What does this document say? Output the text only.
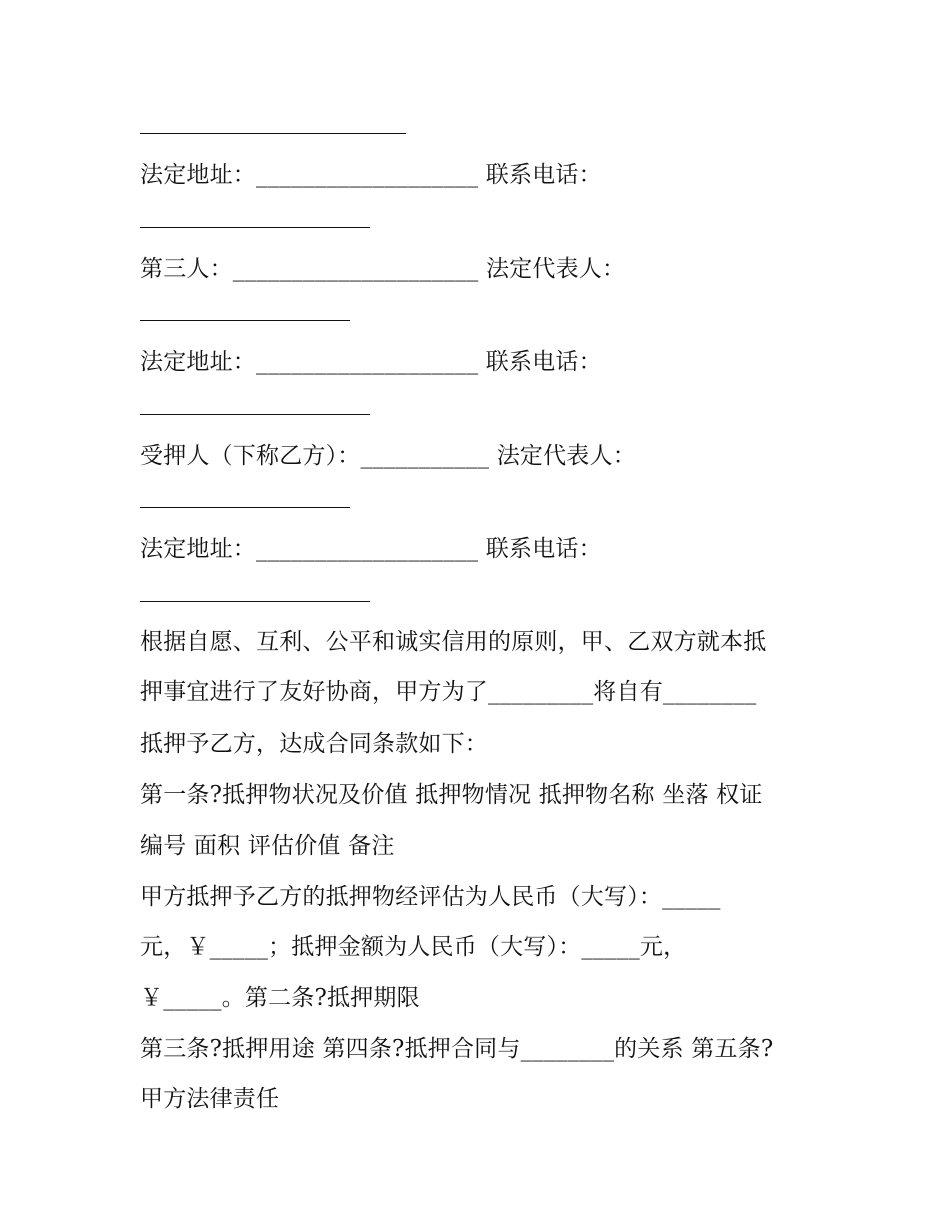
法定地址：___________________ 联系电话：
第三人：_____________________ 法定代表人：
法定地址：___________________ 联系电话：
受押人（下称乙方）：___________ 法定代表人：
法定地址：___________________ 联系电话：
根据自愿、互利、公平和诚实信用的原则，甲、乙双方就本抵
押事宜进行了友好协商，甲方为了_________将自有________
抵押予乙方，达成合同条款如下：
第一条?抵押物状况及价值 抵押物情况 抵押物名称 坐落 权证
编号 面积 评估价值 备注
甲方抵押予乙方的抵押物经评估为人民币（大写）：_____
元，￥_____；抵押金额为人民币（大写）：_____元，
￥_____。第二条?抵押期限
第三条?抵押用途 第四条?抵押合同与________的关系 第五条?
甲方法律责任
